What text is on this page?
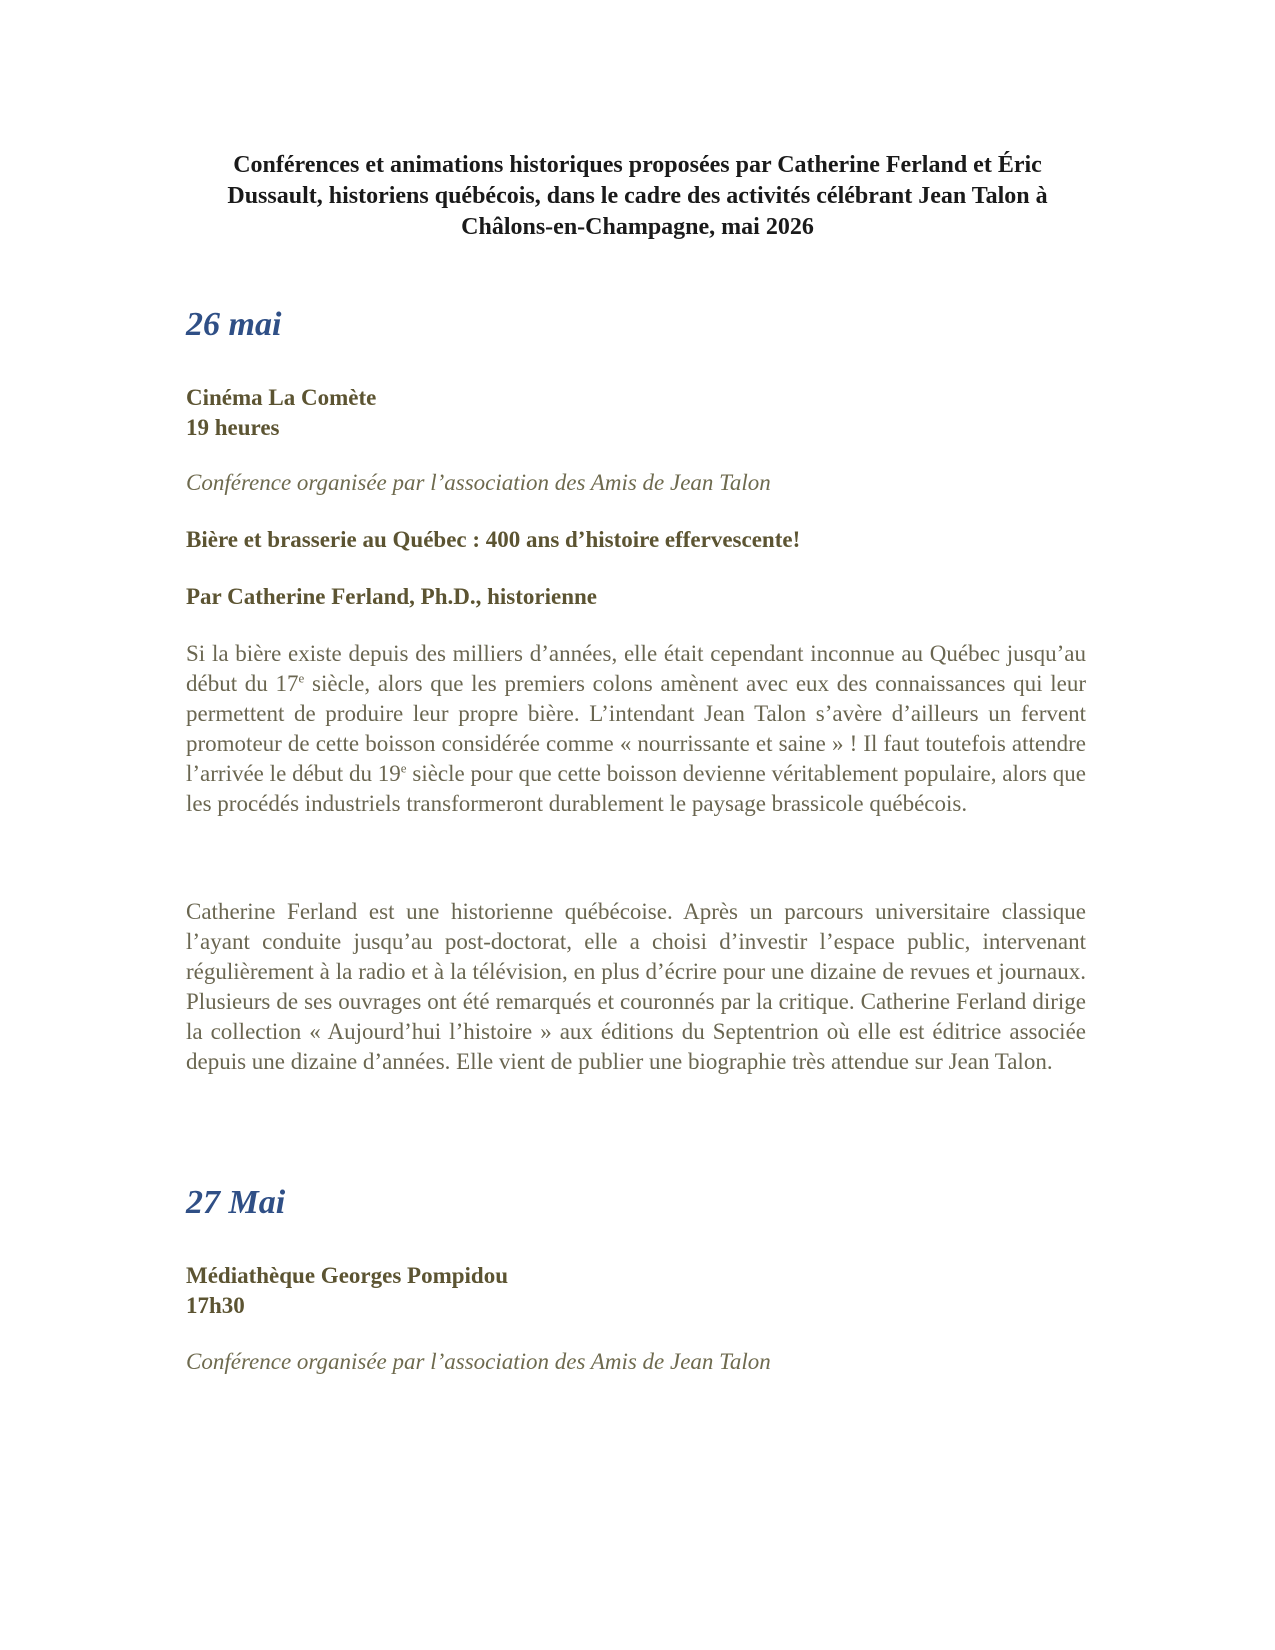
Conférences et animations historiques proposées par Catherine Ferland et Éric Dussault, historiens québécois, dans le cadre des activités célébrant Jean Talon à Châlons-en-Champagne, mai 2026
26 mai
Cinéma La Comète
19 heures
Conférence organisée par l’association des Amis de Jean Talon
Bière et brasserie au Québec : 400 ans d’histoire effervescente!
Par Catherine Ferland, Ph.D., historienne

Si la bière existe depuis des milliers d’années, elle était cependant inconnue au Québec jusqu’au début du 17e siècle, alors que les premiers colons amènent avec eux des connaissances qui leur permettent de produire leur propre bière. L’intendant Jean Talon s’avère d’ailleurs un fervent promoteur de cette boisson considérée comme « nourrissante et saine » ! Il faut toutefois attendre l’arrivée le début du 19e siècle pour que cette boisson devienne véritablement populaire, alors que les procédés industriels transformeront durablement le paysage brassicole québécois.

Catherine Ferland est une historienne québécoise. Après un parcours universitaire classique l’ayant conduite jusqu’au post-doctorat, elle a choisi d’investir l’espace public, intervenant régulièrement à la radio et à la télévision, en plus d’écrire pour une dizaine de revues et journaux. Plusieurs de ses ouvrages ont été remarqués et couronnés par la critique. Catherine Ferland dirige la collection « Aujourd’hui l’histoire » aux éditions du Septentrion où elle est éditrice associée depuis une dizaine d’années. Elle vient de publier une biographie très attendue sur Jean Talon.

27 Mai
Médiathèque Georges Pompidou
17h30
Conférence organisée par l’association des Amis de Jean Talon
